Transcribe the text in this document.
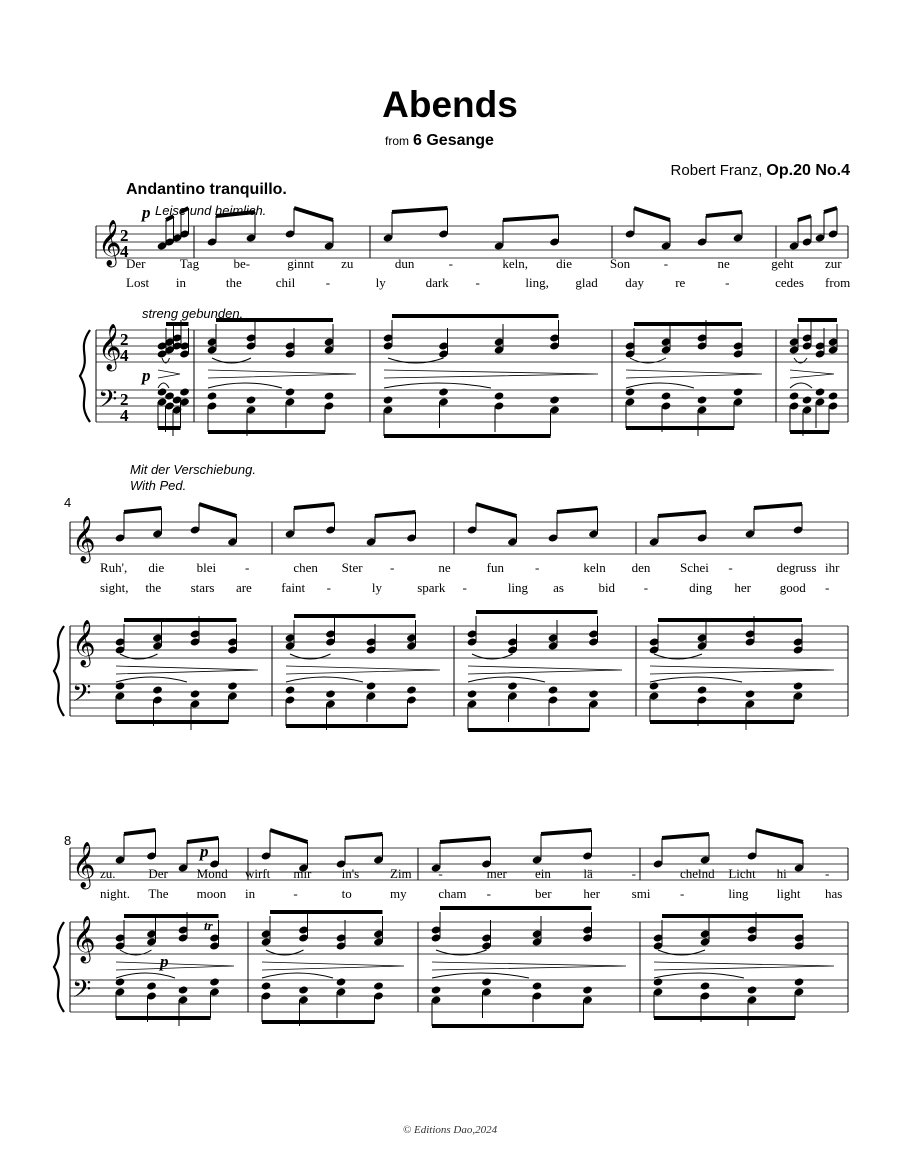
𝄞
𝄞
𝄢
2
4
2
4
2
4
𝄞
𝄞
𝄢
𝄞
𝄞
𝄢
Abends
from 6 Gesange
Robert Franz, Op.20 No.4
Andantino tranquillo.
p Leise und heimlich.
streng gebunden.
p
Mit der Verschiebung.
With Ped.
p
p
tr
4
8
Der	Tag	be-	ginnt zu	dun	-	keln, die	Son	-	ne	geht zur
Lost in	the	chil -	ly	dark -	ling, glad day re	-	cedes from
Ruh', die blei -	chen Ster -	ne	fun -	keln den Schei -	degruss ihr
sight, the stars are faint -	ly	spark -	ling as	bid -	ding her good -
zu.	Der Mond wirft mir in's Zim -	mer ein lä	-	chelnd Licht hi	-
night. The moon in	-	to	my cham -	ber her smi -	ling light has
© Editions Dao,2024
